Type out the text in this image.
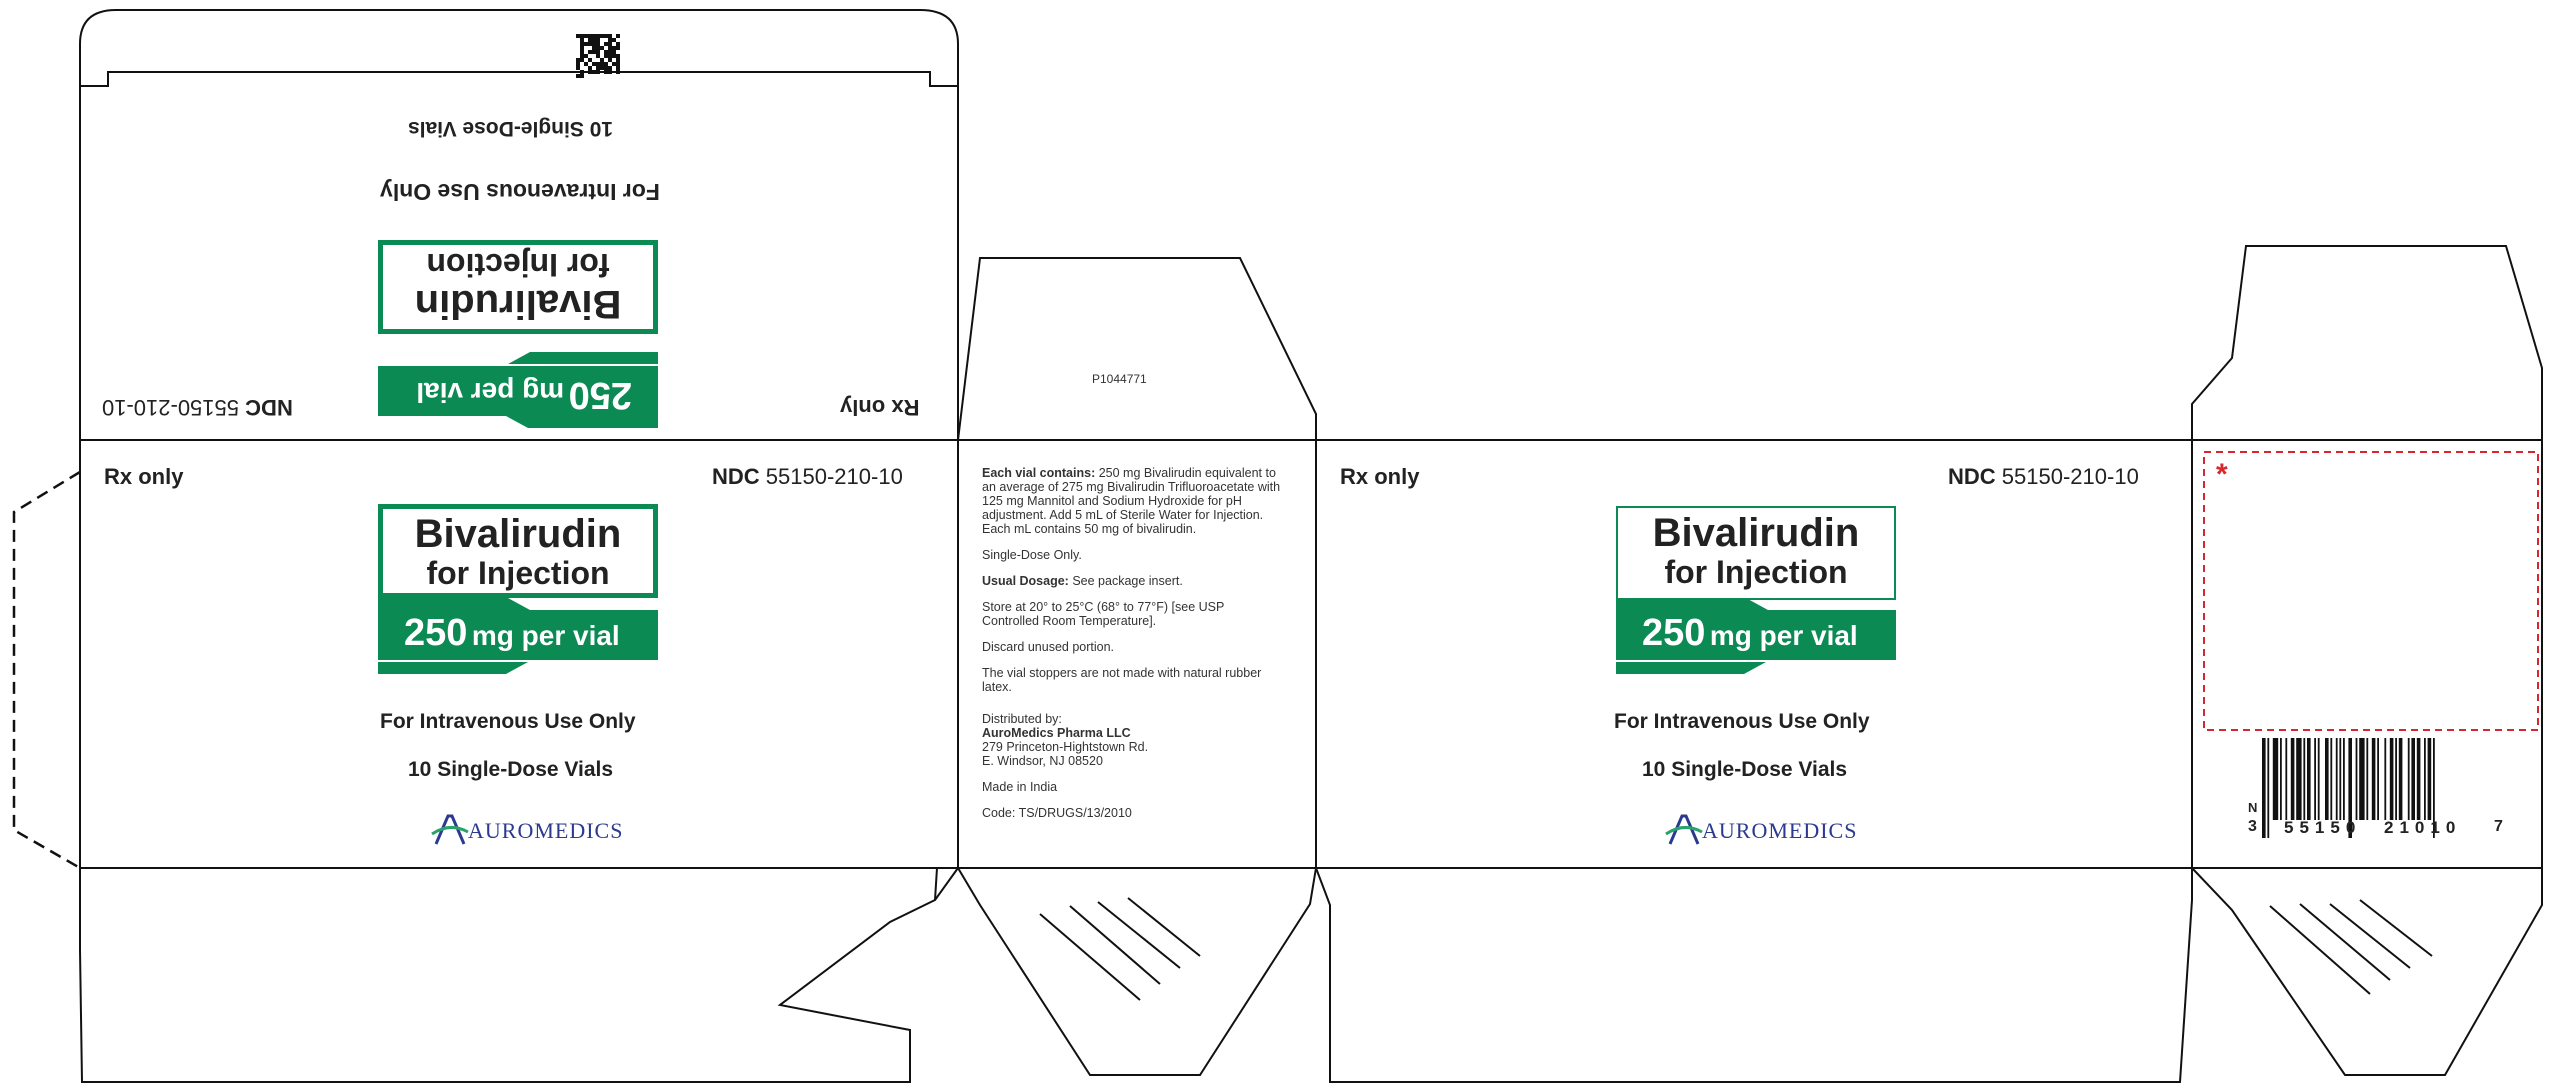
10 Single-Dose Vials
For Intravenous Use Only
Bivalirudin
for Injection
250 mg per vial
NDC 55150-210-10	Rx only
P1044771
Rx only	NDC 55150-210-10
Bivalirudin
for Injection
250 mg per vial
For Intravenous Use Only
10 Single-Dose Vials
AUROMEDICS

Each vial contains: 250 mg Bivalirudin equivalent to an average of 275 mg Bivalirudin Trifluoroacetate with 125 mg Mannitol and Sodium Hydroxide for pH adjustment. Add 5 mL of Sterile Water for Injection. Each mL contains 50 mg of bivalirudin.

Single-Dose Only.

Usual Dosage: See package insert.

Store at 20° to 25°C (68° to 77°F) [see USP Controlled Room Temperature].

Discard unused portion.

The vial stoppers are not made with natural rubber latex.

Distributed by:
AuroMedics Pharma LLC
279 Princeton-Hightstown Rd.
E. Windsor, NJ 08520

Made in India

Code: TS/DRUGS/13/2010

Rx only	NDC 55150-210-10
Bivalirudin
for Injection
250 mg per vial
For Intravenous Use Only
10 Single-Dose Vials
AUROMEDICS
*
N
3 55150 21010 7
